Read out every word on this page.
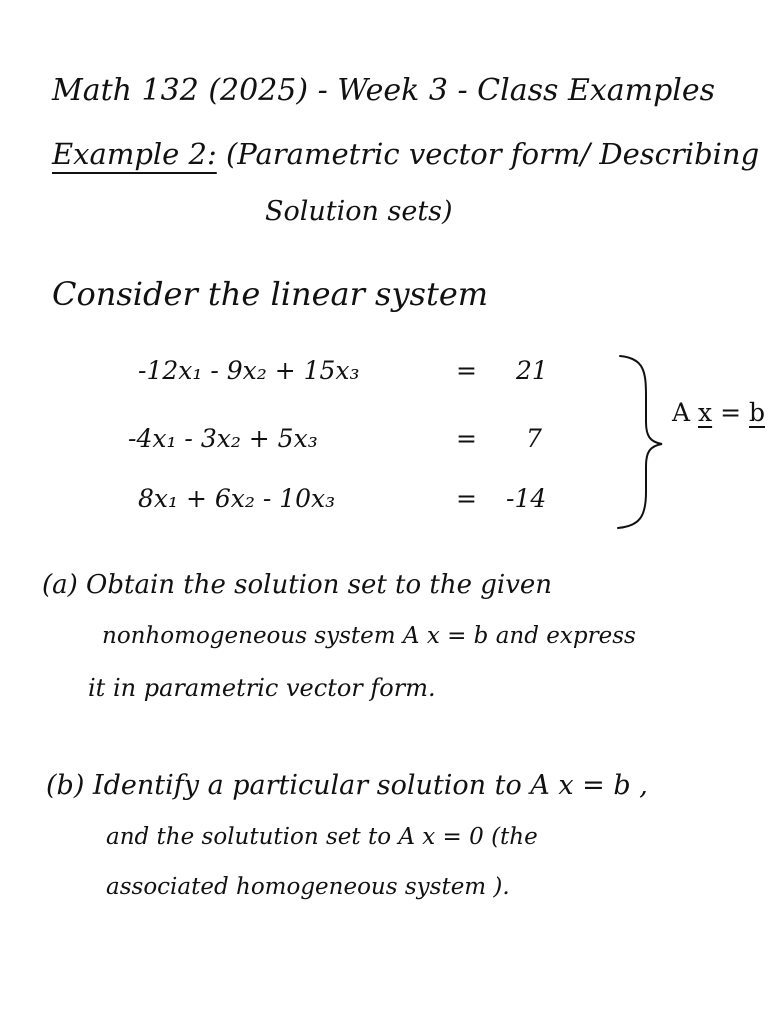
Math 132 (2025) - Week 3 - Class Examples
Example 2: (Parametric vector form/ Describing
Solution sets)
Consider the linear system
-12x₁ - 9x₂ + 15x₃	= 21
-4x₁ - 3x₂ + 5x₃	= 7
8x₁ + 6x₂ - 10x₃	= -14
A x = b
(a) Obtain the solution set to the given
nonhomogeneous system A x = b and express
it in parametric vector form.
(b) Identify a particular solution to A x = b ,
and the solutution set to A x = 0 (the
associated homogeneous system ).
